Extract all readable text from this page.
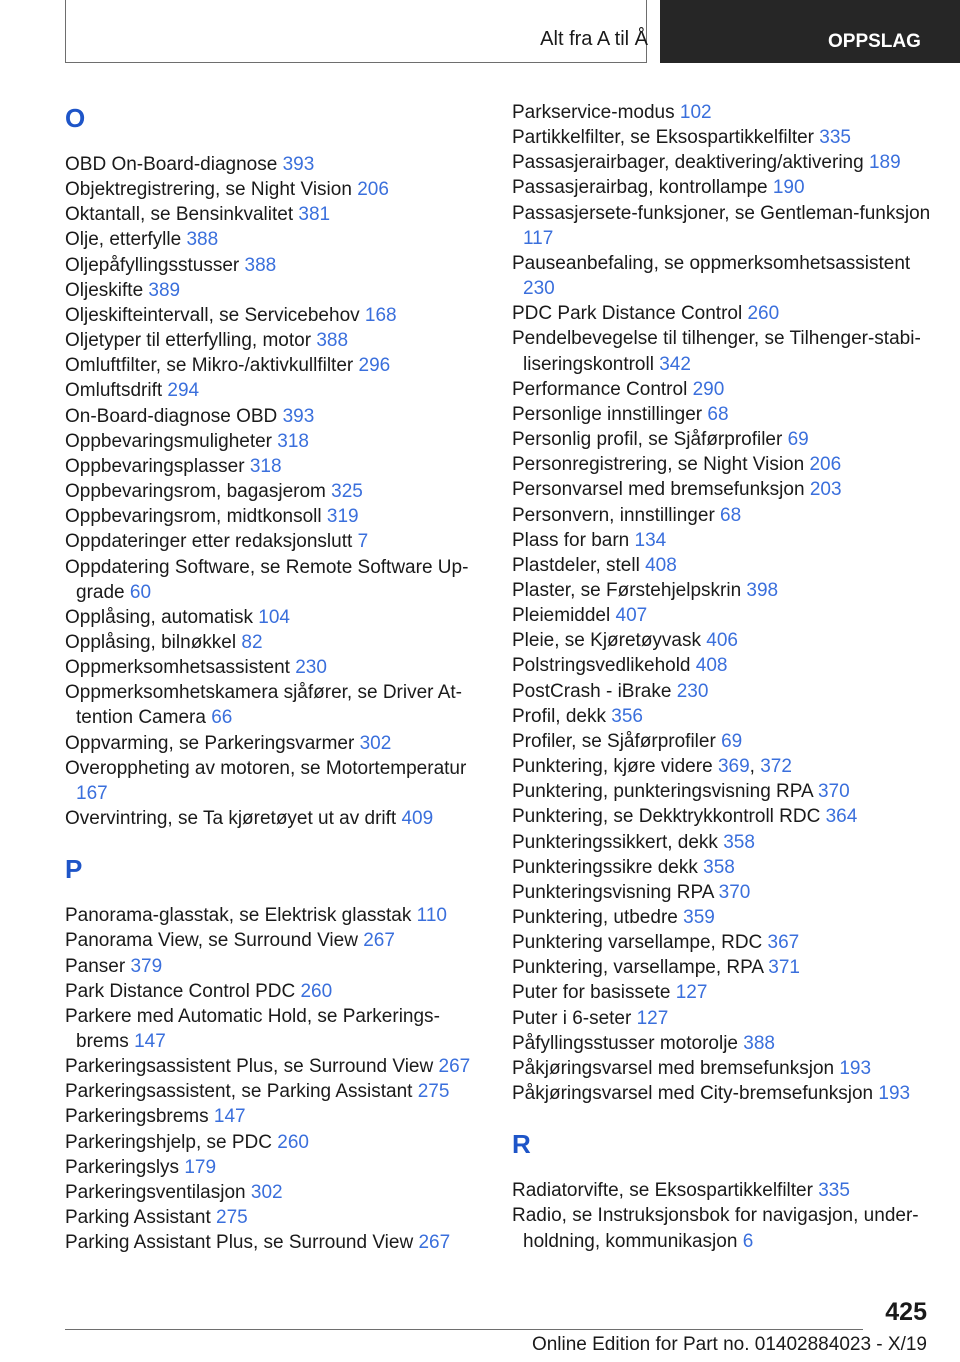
Alt fra A til Å	OPPSLAG
O
OBD On-Board-diagnose 393
Objektregistrering, se Night Vision 206
Oktantall, se Bensinkvalitet 381
Olje, etterfylle 388
Oljepåfyllingsstusser 388
Oljeskifte 389
Oljeskifteintervall, se Servicebehov 168
Oljetyper til etterfylling, motor 388
Omluftfilter, se Mikro-/aktivkullfilter 296
Omluftsdrift 294
On-Board-diagnose OBD 393
Oppbevaringsmuligheter 318
Oppbevaringsplasser 318
Oppbevaringsrom, bagasjerom 325
Oppbevaringsrom, midtkonsoll 319
Oppdateringer etter redaksjonslutt 7
Oppdatering Software, se Remote Software Upgrade 60
Opplåsing, automatisk 104
Opplåsing, bilnøkkel 82
Oppmerksomhetsassistent 230
Oppmerksomhetskamera sjåfører, se Driver Attention Camera 66
Oppvarming, se Parkeringsvarmer 302
Overoppheting av motoren, se Motortemperatur 167
Overvintring, se Ta kjøretøyet ut av drift 409
P
Panorama-glasstak, se Elektrisk glasstak 110
Panorama View, se Surround View 267
Panser 379
Park Distance Control PDC 260
Parkere med Automatic Hold, se Parkeringsbrems 147
Parkeringsassistent Plus, se Surround View 267
Parkeringsassistent, se Parking Assistant 275
Parkeringsbrems 147
Parkeringshjelp, se PDC 260
Parkeringslys 179
Parkeringsventilasjon 302
Parking Assistant 275
Parking Assistant Plus, se Surround View 267
Parkservice-modus 102
Partikkelfilter, se Eksospartikkelfilter 335
Passasjerairbager, deaktivering/aktivering 189
Passasjerairbag, kontrollampe 190
Passasjersete-funksjoner, se Gentleman-funksjon 117
Pauseanbefaling, se oppmerksomhetsassistent 230
PDC Park Distance Control 260
Pendelbevegelse til tilhenger, se Tilhenger-stabiliseringskontroll 342
Performance Control 290
Personlige innstillinger 68
Personlig profil, se Sjåførprofiler 69
Personregistrering, se Night Vision 206
Personvarsel med bremsefunksjon 203
Personvern, innstillinger 68
Plass for barn 134
Plastdeler, stell 408
Plaster, se Førstehjelpskrin 398
Pleiemiddel 407
Pleie, se Kjøretøyvask 406
Polstringsvedlikehold 408
PostCrash - iBrake 230
Profil, dekk 356
Profiler, se Sjåførprofiler 69
Punktering, kjøre videre 369, 372
Punktering, punkteringsvisning RPA 370
Punktering, se Dekktrykkontroll RDC 364
Punkteringssikkert, dekk 358
Punkteringssikre dekk 358
Punkteringsvisning RPA 370
Punktering, utbedre 359
Punktering varsellampe, RDC 367
Punktering, varsellampe, RPA 371
Puter for basissete 127
Puter i 6-seter 127
Påfyllingsstusser motorolje 388
Påkjøringsvarsel med bremsefunksjon 193
Påkjøringsvarsel med City-bremsefunksjon 193
R
Radiatorvifte, se Eksospartikkelfilter 335
Radio, se Instruksjonsbok for navigasjon, underholdning, kommunikasjon 6
425
Online Edition for Part no. 01402884023 - X/19
